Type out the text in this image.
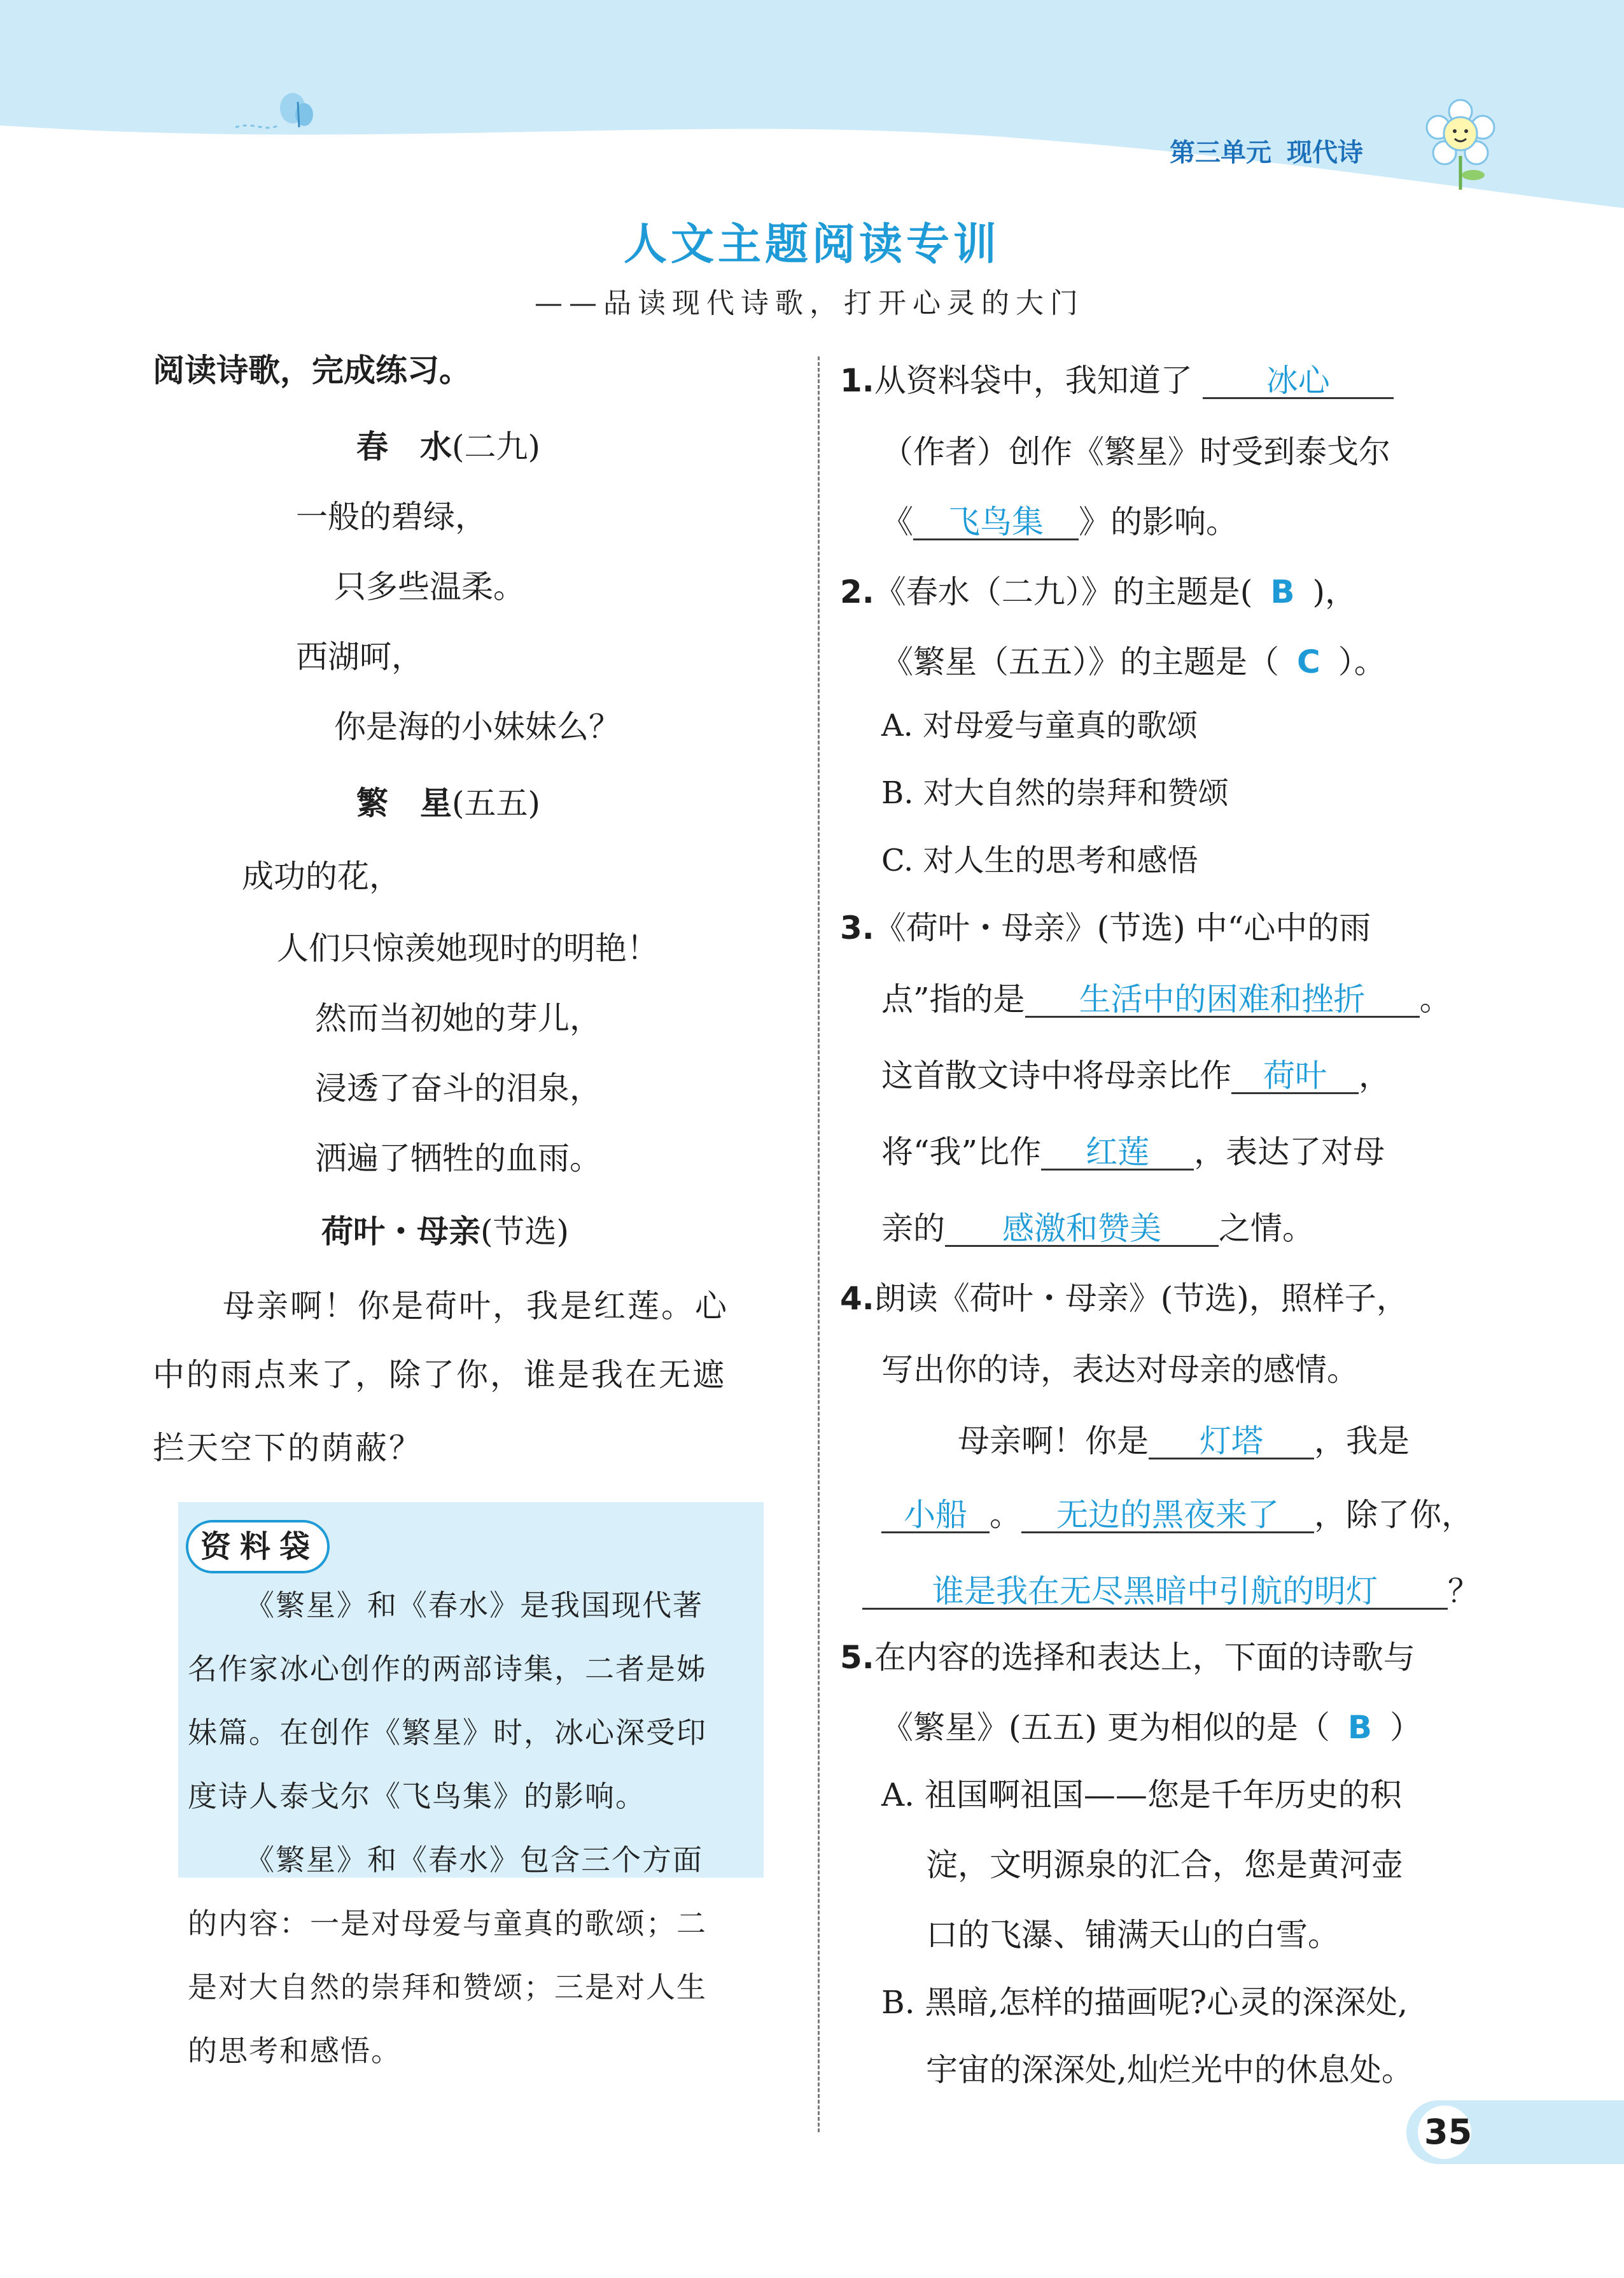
第三单元 现代诗
人文主题阅读专训
——品读现代诗歌，打开心灵的大门
阅读诗歌，完成练习。
春　水(二九)
一般的碧绿，
只多些温柔。
西湖呵，
你是海的小妹妹么？
繁　星(五五)
成功的花，
人们只惊羡她现时的明艳！
然而当初她的芽儿，
浸透了奋斗的泪泉，
洒遍了牺牲的血雨。
荷叶・母亲(节选)
母亲啊！你是荷叶，我是红莲。心
中的雨点来了，除了你，谁是我在无遮
拦天空下的荫蔽？
资料袋
《繁星》和《春水》是我国现代著
名作家冰心创作的两部诗集，二者是姊
妹篇。在创作《繁星》时，冰心深受印
度诗人泰戈尔《飞鸟集》的影响。
《繁星》和《春水》包含三个方面
的内容：一是对母爱与童真的歌颂；二
是对大自然的崇拜和赞颂；三是对人生
的思考和感悟。
1.从资料袋中，我知道了 冰心
（作者）创作《繁星》时受到泰戈尔
《 飞鸟集 》的影响。
2.《春水（二九）》的主题是( B )，
《繁星（五五）》的主题是（ C ）。
A. 对母爱与童真的歌颂
B. 对大自然的崇拜和赞颂
C. 对人生的思考和感悟
3.《荷叶・母亲》(节选) 中“心中的雨
点”指的是 生活中的困难和挫折 。
这首散文诗中将母亲比作 荷叶 ，
将“我”比作 红莲 ，表达了对母
亲的 感激和赞美 之情。
4.朗读《荷叶・母亲》(节选)，照样子，
写出你的诗，表达对母亲的感情。
母亲啊！你是 灯塔 ，我是
小船 。 无边的黑夜来了 ，除了你，
谁是我在无尽黑暗中引航的明灯 ？
5.在内容的选择和表达上，下面的诗歌与
《繁星》(五五) 更为相似的是（ B ）
A. 祖国啊祖国——您是千年历史的积
淀，文明源泉的汇合，您是黄河壶
口的飞瀑、铺满天山的白雪。
B. 黑暗,怎样的描画呢?心灵的深深处,
宇宙的深深处,灿烂光中的休息处。
35
